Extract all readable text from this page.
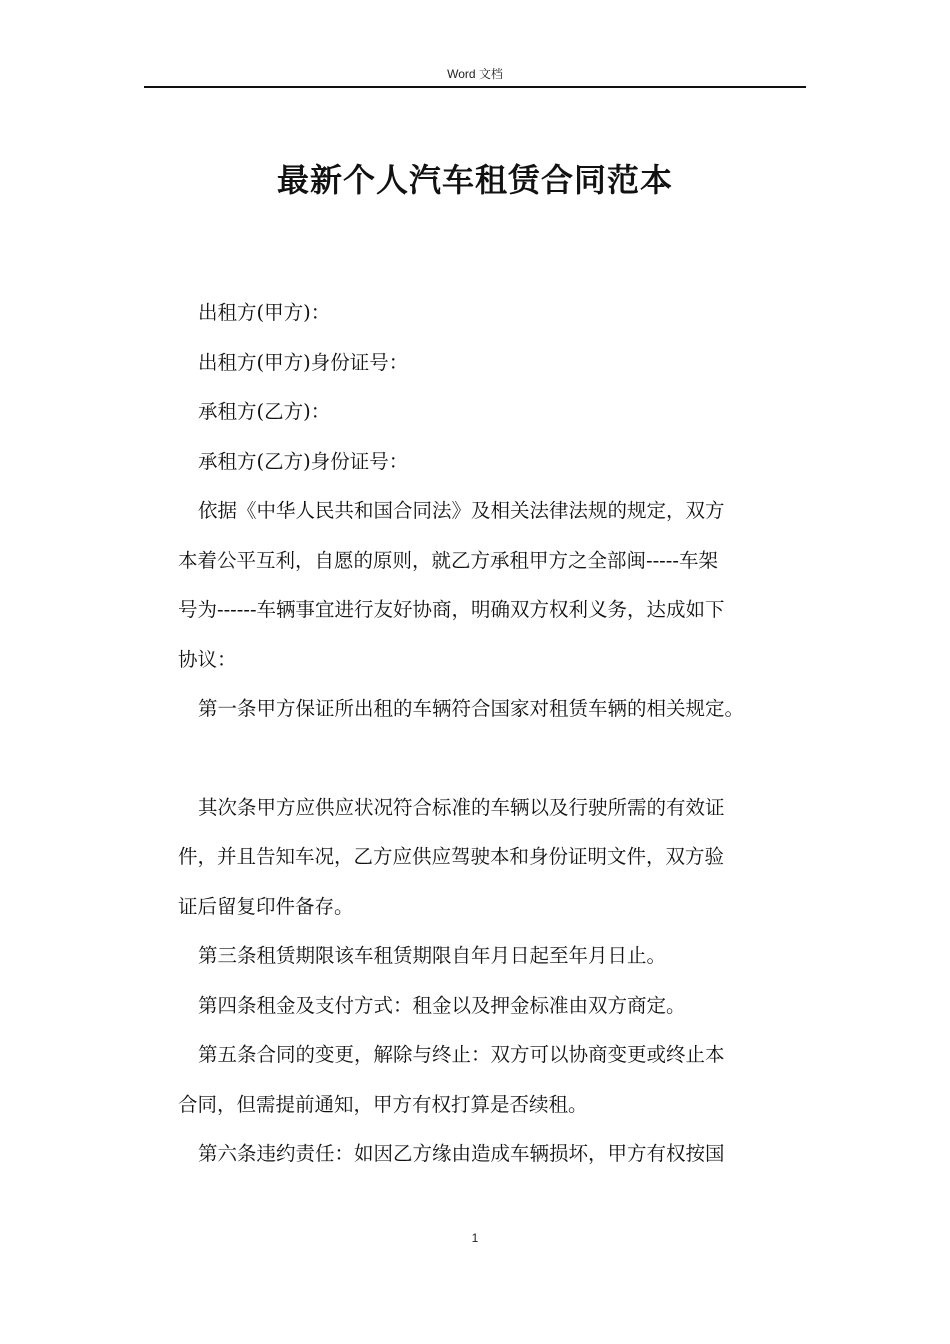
Word 文档
最新个人汽车租赁合同范本

出租方(甲方)：

出租方(甲方)身份证号：

承租方(乙方)：

承租方(乙方)身份证号：

依据《中华人民共和国合同法》及相关法律法规的规定，双方

本着公平互利，自愿的原则，就乙方承租甲方之全部闽-----车架

号为------车辆事宜进行友好协商，明确双方权利义务，达成如下

协议：

第一条甲方保证所出租的车辆符合国家对租赁车辆的相关规定。

其次条甲方应供应状况符合标准的车辆以及行驶所需的有效证

件，并且告知车况，乙方应供应驾驶本和身份证明文件，双方验

证后留复印件备存。

第三条租赁期限该车租赁期限自年月日起至年月日止。

第四条租金及支付方式：租金以及押金标准由双方商定。

第五条合同的变更，解除与终止：双方可以协商变更或终止本

合同，但需提前通知，甲方有权打算是否续租。

第六条违约责任：如因乙方缘由造成车辆损坏，甲方有权按国

1
